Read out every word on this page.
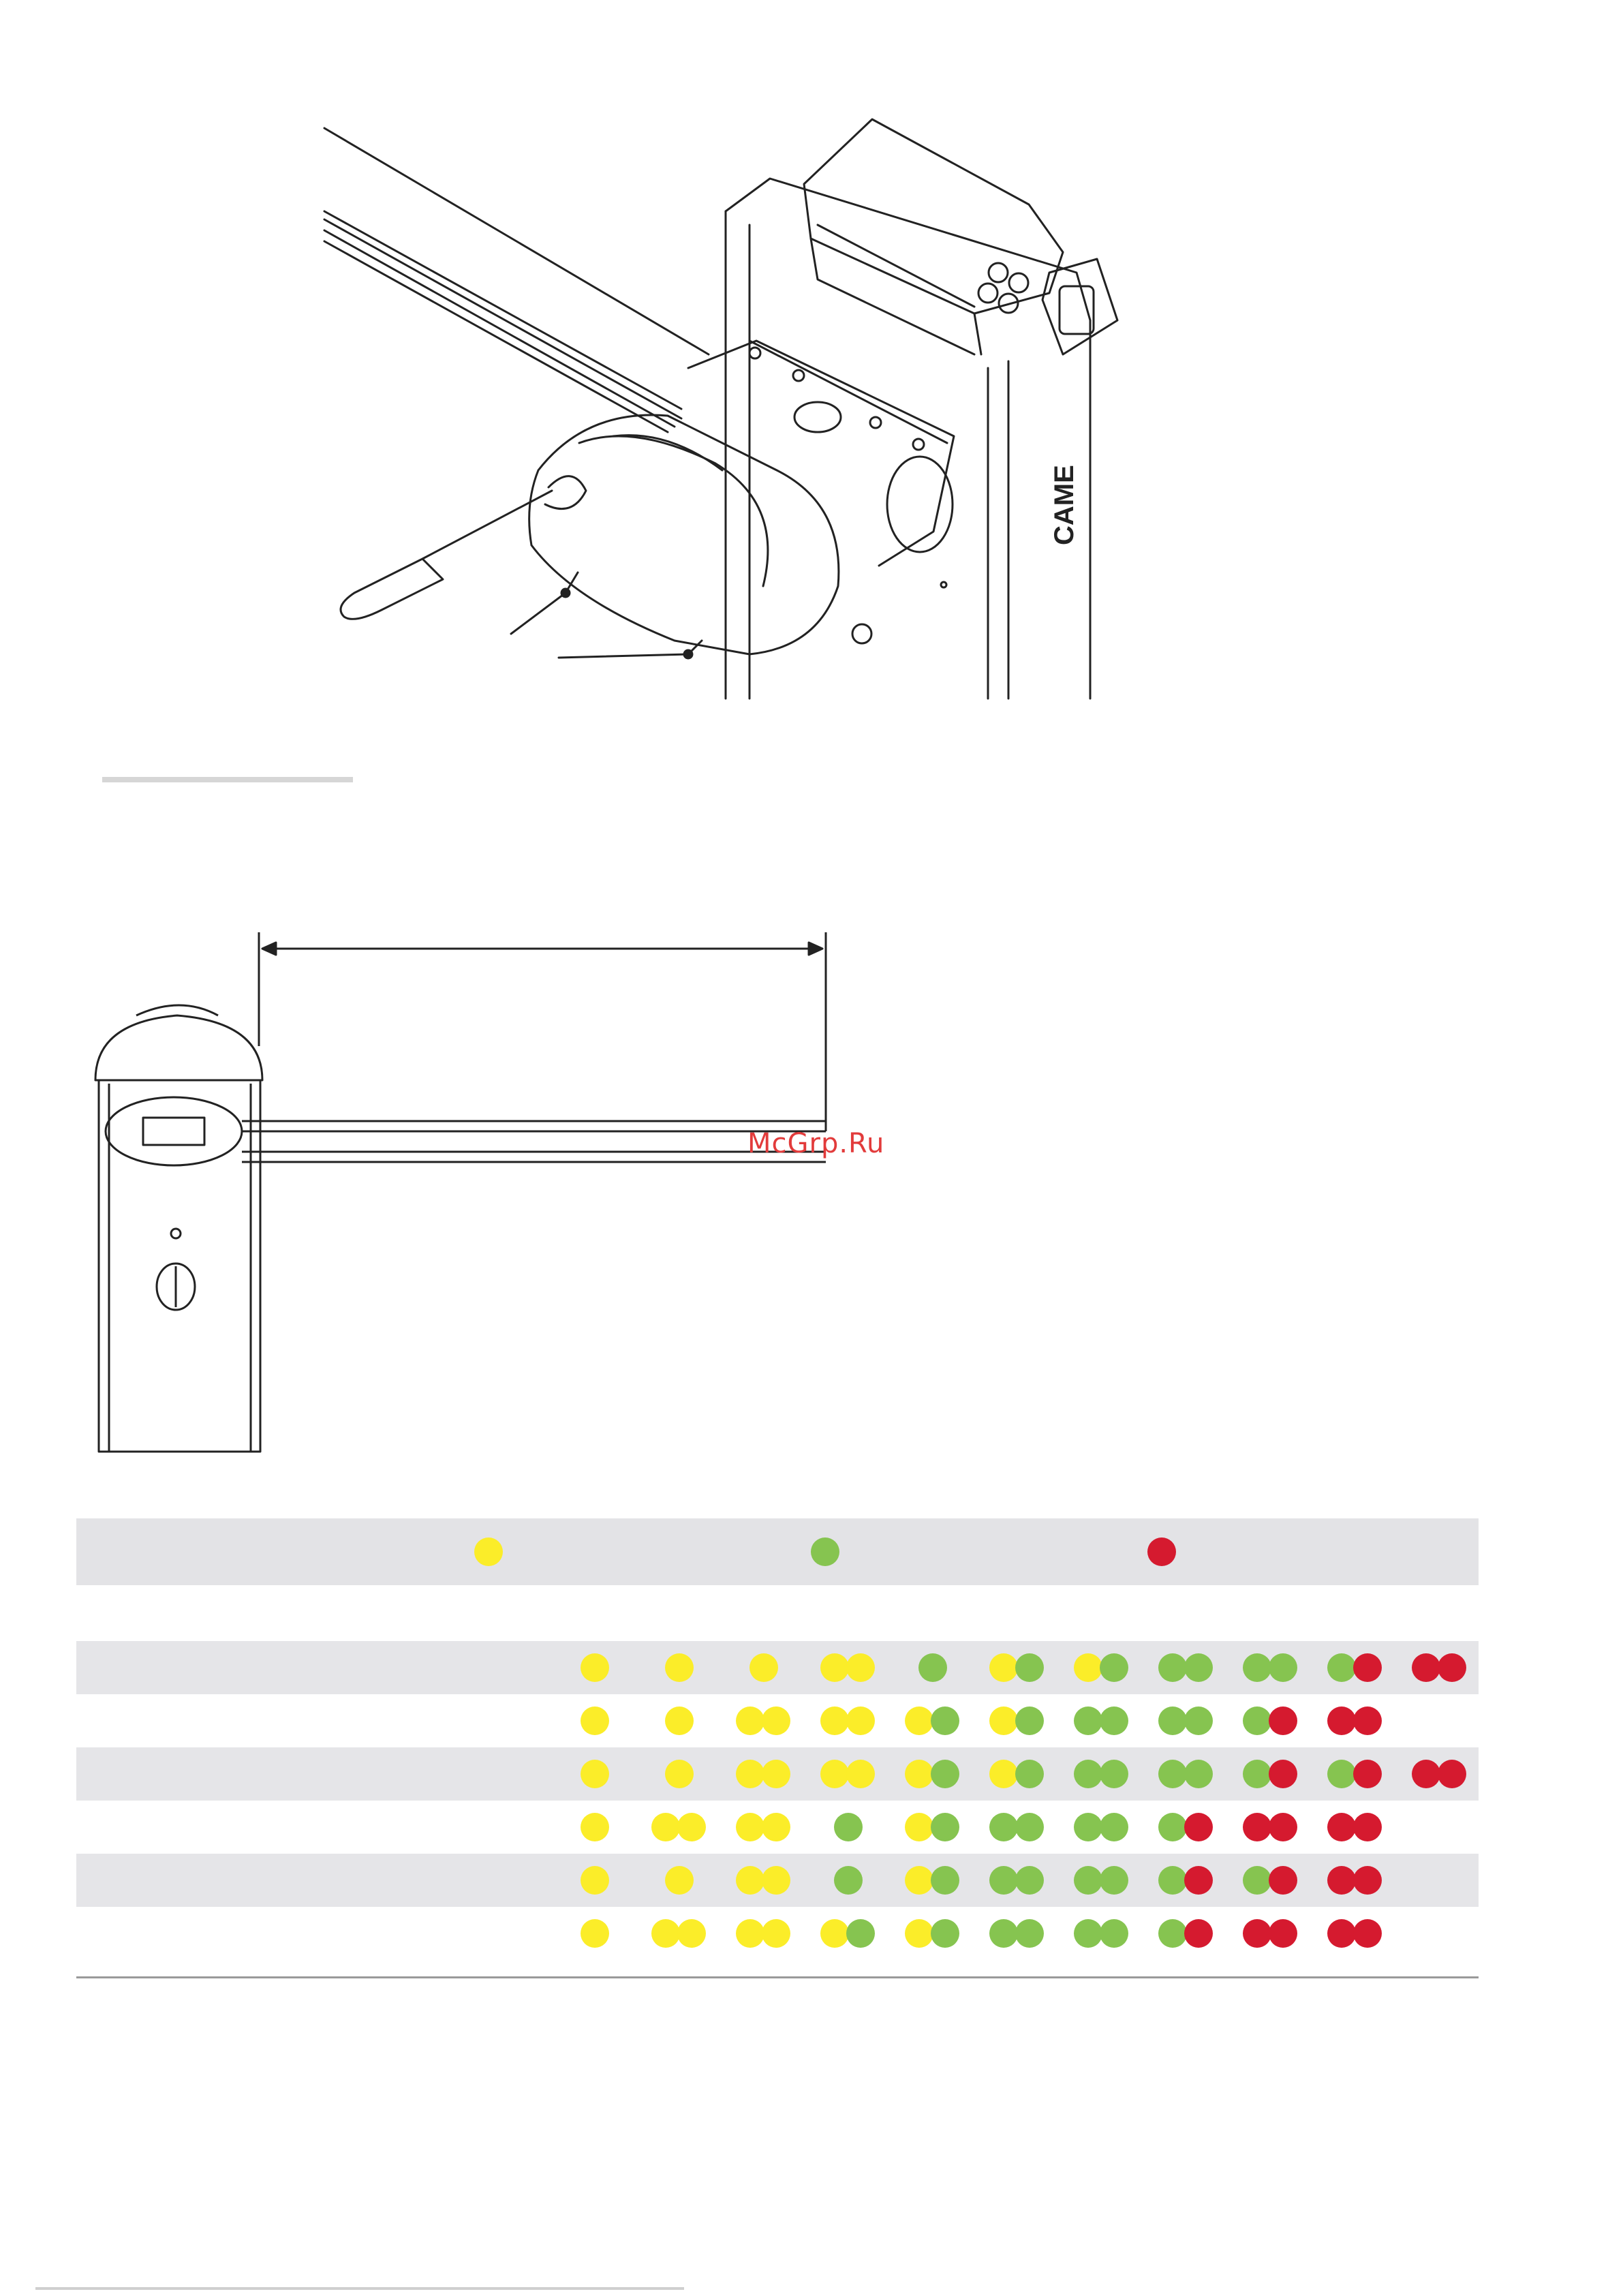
CAME
McGrp.Ru
